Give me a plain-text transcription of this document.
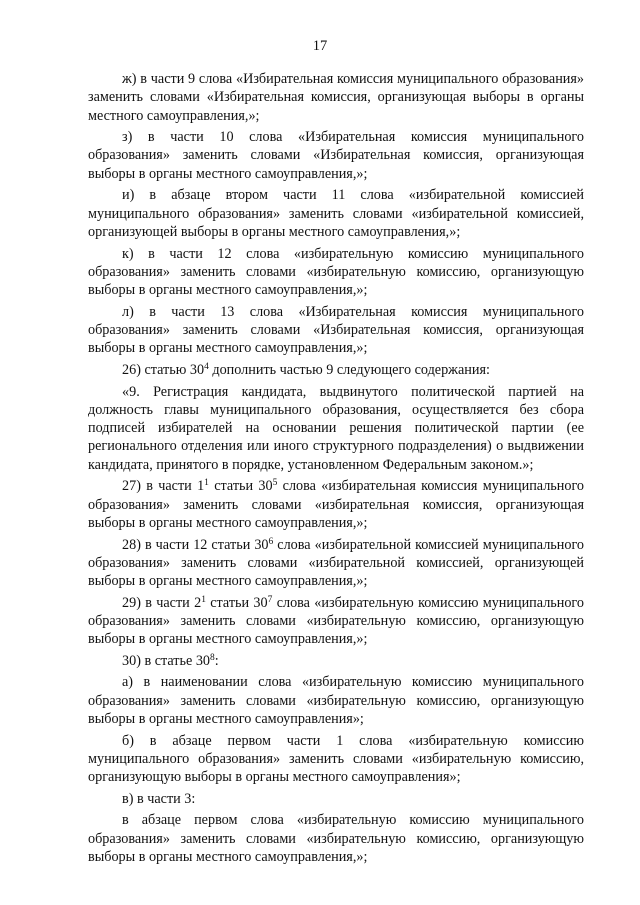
17

ж) в части 9 слова «Избирательная комиссия муниципального образования» заменить словами «Избирательная комиссия, организующая выборы в органы местного самоуправления,»;

з) в части 10 слова «Избирательная комиссия муниципального образования» заменить словами «Избирательная комиссия, организующая выборы в органы местного самоуправления,»;

и) в абзаце втором части 11 слова «избирательной комиссией муниципального образования» заменить словами «избирательной комиссией, организующей выборы в органы местного самоуправления,»;

к) в части 12 слова «избирательную комиссию муниципального образования» заменить словами «избирательную комиссию, организующую выборы в органы местного самоуправления,»;

л) в части 13 слова «Избирательная комиссия муниципального образования» заменить словами «Избирательная комиссия, организующая выборы в органы местного самоуправления,»;

26) статью $30^4$ дополнить частью 9 следующего содержания:

«9. Регистрация кандидата, выдвинутого политической партией на должность главы муниципального образования, осуществляется без сбора подписей избирателей на основании решения политической партии (ее регионального отделения или иного структурного подразделения) о выдвижении кандидата, принятого в порядке, установленном Федеральным законом.»;

27) в части $1^1$ статьи $30^5$ слова «избирательная комиссия муниципального образования» заменить словами «избирательная комиссия, организующая выборы в органы местного самоуправления,»;

28) в части 12 статьи $30^6$ слова «избирательной комиссией муниципального образования» заменить словами «избирательной комиссией, организующей выборы в органы местного самоуправления,»;

29) в части $2^1$ статьи $30^7$ слова «избирательную комиссию муниципального образования» заменить словами «избирательную комиссию, организующую выборы в органы местного самоуправления,»;

30) в статье $30^8$:

а) в наименовании слова «избирательную комиссию муниципального образования» заменить словами «избирательную комиссию, организующую выборы в органы местного самоуправления»;

б) в абзаце первом части 1 слова «избирательную комиссию муниципального образования» заменить словами «избирательную комиссию, организующую выборы в органы местного самоуправления»;

в) в части 3:

в абзаце первом слова «избирательную комиссию муниципального образования» заменить словами «избирательную комиссию, организующую выборы в органы местного самоуправления,»;
